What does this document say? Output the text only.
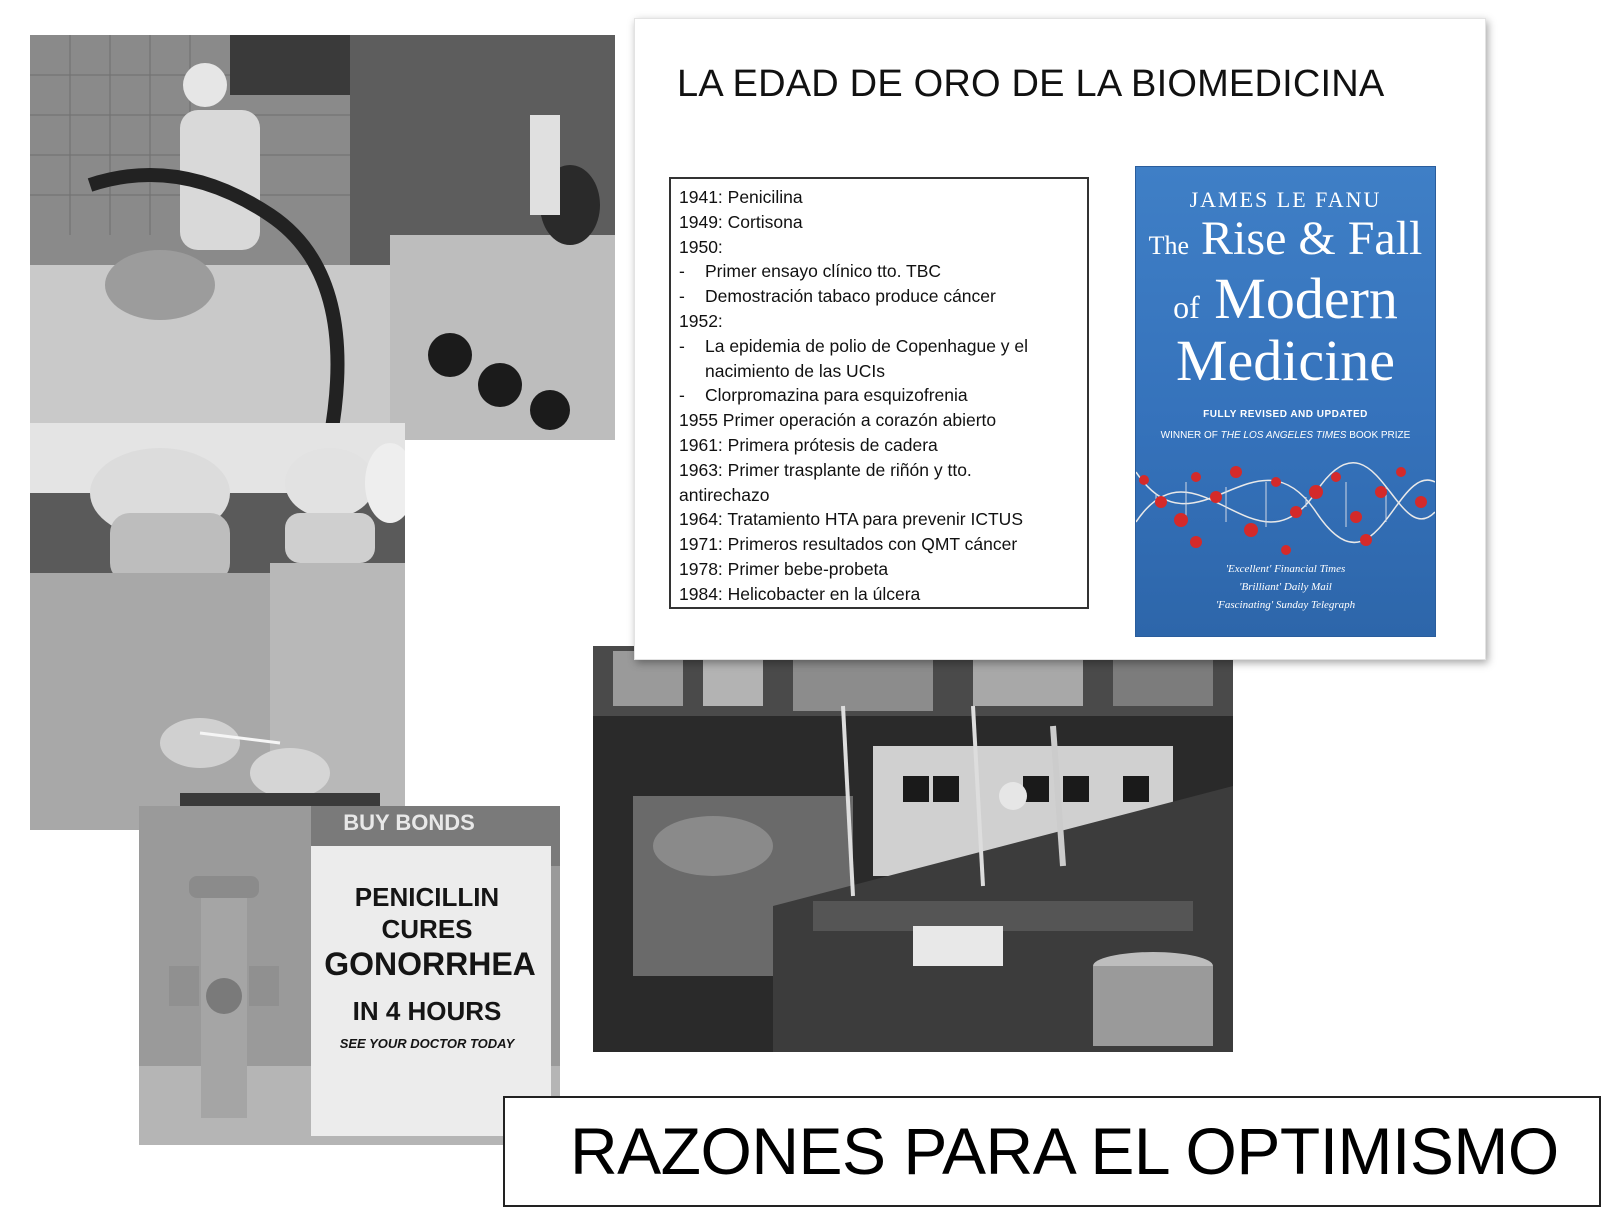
BUY BONDS
PENICILLIN
CURES
GONORRHEA
IN 4 HOURS
SEE YOUR DOCTOR TODAY
LA EDAD DE ORO DE LA BIOMEDICINA
1941: Penicilina
1949: Cortisona
1950:
- Primer ensayo clínico tto. TBC
- Demostración tabaco produce cáncer
1952:
- La epidemia de polio de Copenhague y el nacimiento de las UCIs
- Clorpromazina para esquizofrenia
1955 Primer operación a corazón abierto
1961: Primera prótesis de cadera
1963: Primer trasplante de riñón y tto. antirechazo
1964: Tratamiento HTA para prevenir ICTUS
1971: Primeros resultados con QMT cáncer
1978: Primer bebe-probeta
1984: Helicobacter en la úlcera
JAMES LE FANU
The Rise & Fall
of Modern
Medicine
FULLY REVISED AND UPDATED
WINNER OF THE LOS ANGELES TIMES BOOK PRIZE
'Excellent' Financial Times
'Brilliant' Daily Mail
'Fascinating' Sunday Telegraph
RAZONES PARA EL OPTIMISMO
